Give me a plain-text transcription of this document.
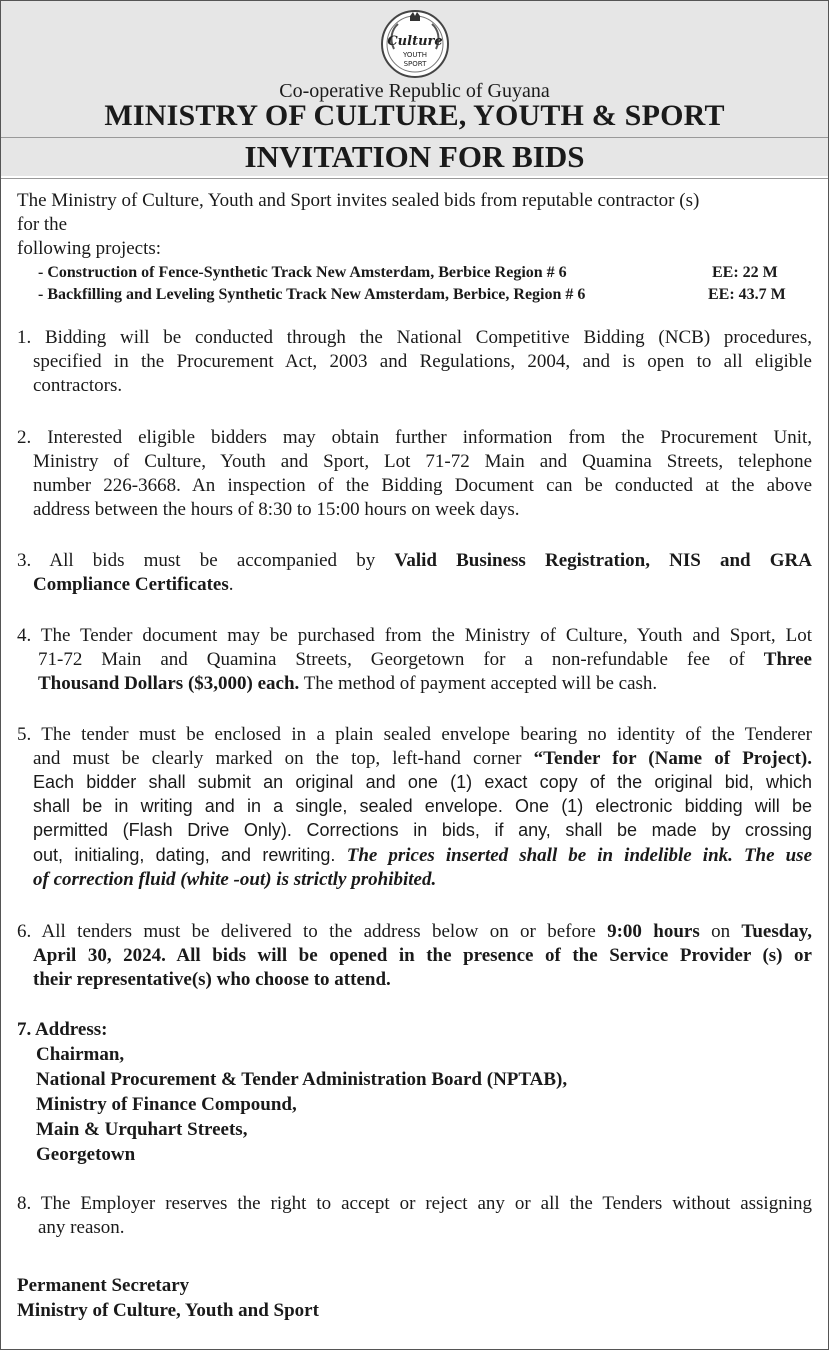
Culture
YOUTH
SPORT
Co-operative Republic of Guyana
MINISTRY OF CULTURE, YOUTH & SPORT
INVITATION FOR BIDS
The Ministry of Culture, Youth and Sport invites sealed bids from reputable contractor (s)
for the
following projects:
- Construction of Fence-Synthetic Track New Amsterdam, Berbice Region # 6	EE: 22 M
- Backfilling and Leveling Synthetic Track New Amsterdam, Berbice, Region # 6	EE: 43.7 M
1. Bidding will be conducted through the National Competitive Bidding (NCB) procedures,
specified in the Procurement Act, 2003 and Regulations, 2004, and is open to all eligible
contractors.
2. Interested eligible bidders may obtain further information from the Procurement Unit,
Ministry of Culture, Youth and Sport, Lot 71-72 Main and Quamina Streets, telephone
number 226-3668. An inspection of the Bidding Document can be conducted at the above
address between the hours of 8:30 to 15:00 hours on week days.
3. All bids must be accompanied by Valid Business Registration, NIS and GRA
Compliance Certificates.
4. The Tender document may be purchased from the Ministry of Culture, Youth and Sport, Lot
71-72 Main and Quamina Streets, Georgetown for a non-refundable fee of Three
Thousand Dollars ($3,000) each. The method of payment accepted will be cash.
5. The tender must be enclosed in a plain sealed envelope bearing no identity of the Tenderer
and must be clearly marked on the top, left-hand corner “Tender for (Name of Project).
Each bidder shall submit an original and one (1) exact copy of the original bid, which
shall be in writing and in a single, sealed envelope. One (1) electronic bidding will be
permitted (Flash Drive Only). Corrections in bids, if any, shall be made by crossing
out, initialing, dating, and rewriting. The prices inserted shall be in indelible ink. The use
of correction fluid (white -out) is strictly prohibited.
6. All tenders must be delivered to the address below on or before 9:00 hours on Tuesday,
April 30, 2024. All bids will be opened in the presence of the Service Provider (s) or
their representative(s) who choose to attend.
7. Address:
Chairman,
National Procurement & Tender Administration Board (NPTAB),
Ministry of Finance Compound,
Main & Urquhart Streets,
Georgetown
8. The Employer reserves the right to accept or reject any or all the Tenders without assigning
any reason.
Permanent Secretary
Ministry of Culture, Youth and Sport
